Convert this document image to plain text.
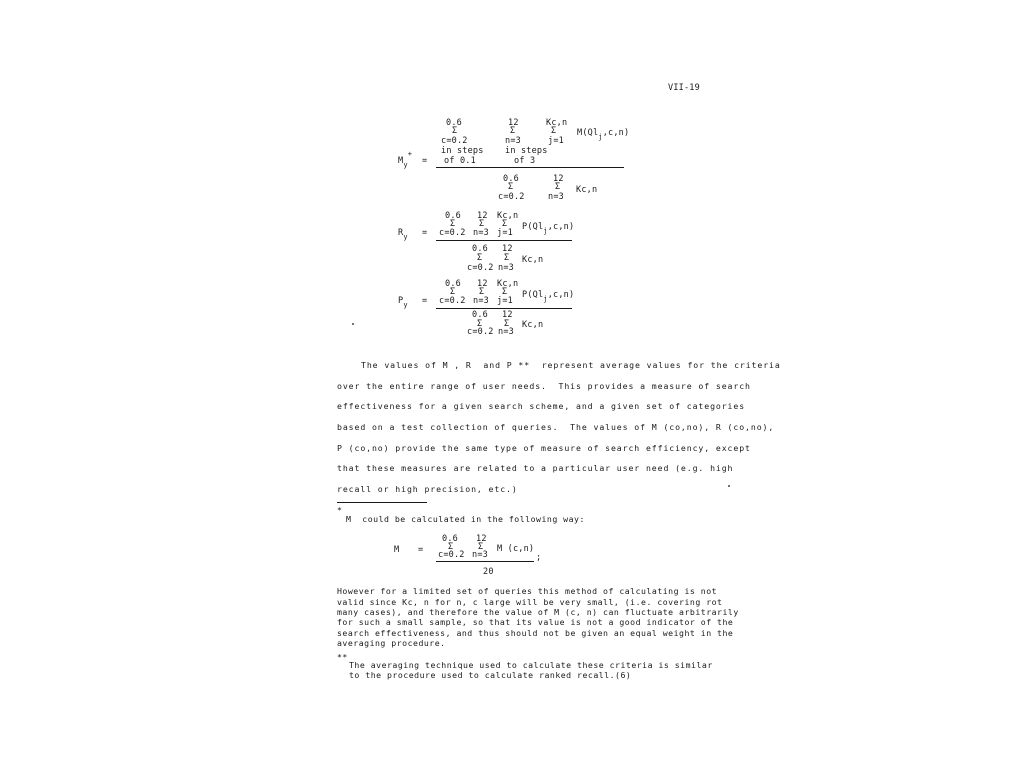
VII-19
0.6
Σ
c=0.2
in steps
of 0.1
12
Σ
n=3
in steps
of 3
Kc,n
Σ
j=1
$M(Ql_j,c,n)$
$M_y^+$
=
0.6
Σ
c=0.2
12
Σ
n=3
Kc,n
0.6
Σ
c=0.2
12
Σ
n=3
Kc,n
Σ
j=1
$P(Ql_j,c,n)$
$R_y$ =
0.6
Σ
c=0.2
12
Σ
n=3
Kc,n
0.6
Σ
c=0.2
12
Σ
n=3
Kc,n
Σ
j=1
$P(Ql_j,c,n)$
$P_y$ =
0.6
Σ
c=0.2
12
Σ
n=3
Kc,n
The values of M , R  and P **  represent average values for the criteria
over the entire range of user needs.  This provides a measure of search
effectiveness for a given search scheme, and a given set of categories
based on a test collection of queries.  The values of M (co,no), R (co,no),
P (co,no) provide the same type of measure of search efficiency, except
that these measures are related to a particular user need (e.g. high
recall or high precision, etc.)
*
M  could be calculated in the following way:
0.6
Σ
c=0.2
12
Σ
n=3
M (c,n)
;
M =
20
However for a limited set of queries this method of calculating is not
valid since Kc, n for n, c large will be very small, (i.e. covering rot
many cases), and therefore the value of M (c, n) can fluctuate arbitrarily
for such a small sample, so that its value is not a good indicator of the
search effectiveness, and thus should not be given an equal weight in the
averaging procedure.
**
The averaging technique used to calculate these criteria is similar
to the procedure used to calculate ranked recall.(6)
